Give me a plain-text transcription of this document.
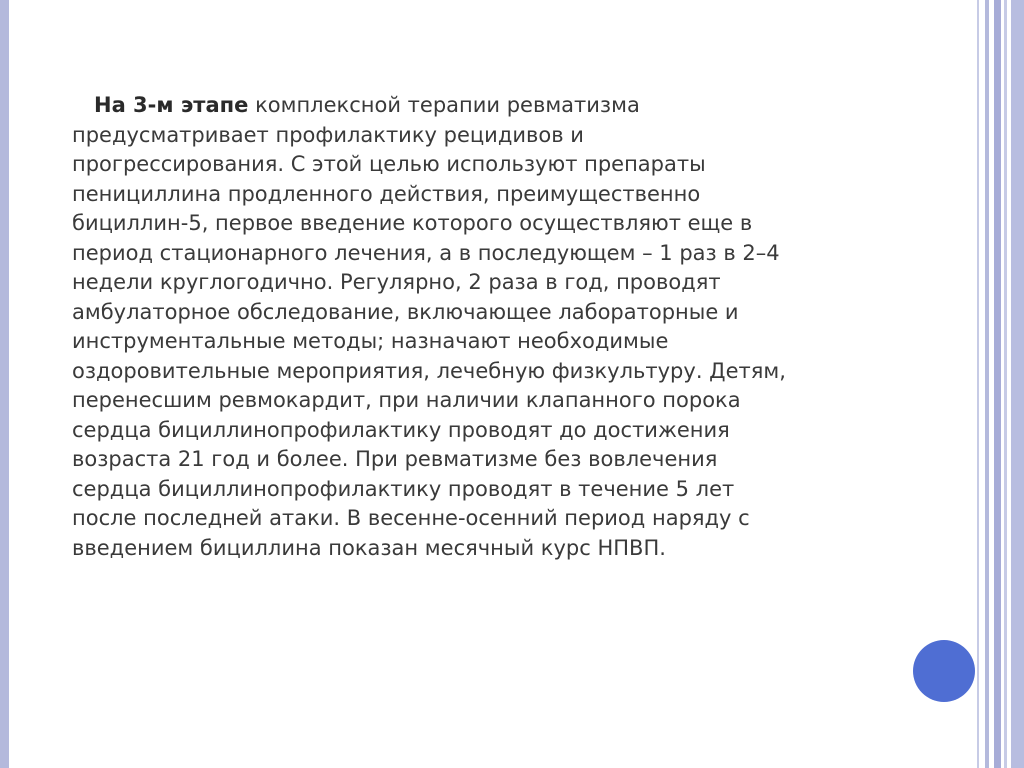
На 3-м этапе комплексной терапии ревматизма
предусматривает профилактику рецидивов и
прогрессирования. С этой целью используют препараты
пенициллина продленного действия, преимущественно
бициллин-5, первое введение которого осуществляют еще в
период стационарного лечения, а в последующем – 1 раз в 2–4
недели круглогодично. Регулярно, 2 раза в год, проводят
амбулаторное обследование, включающее лабораторные и
инструментальные методы; назначают необходимые
оздоровительные мероприятия, лечебную физкультуру. Детям,
перенесшим ревмокардит, при наличии клапанного порока
сердца бициллинопрофилактику проводят до достижения
возраста 21 год и более. При ревматизме без вовлечения
сердца бициллинопрофилактику проводят в течение 5 лет
после последней атаки. В весенне-осенний период наряду с
введением бициллина показан месячный курс НПВП.
